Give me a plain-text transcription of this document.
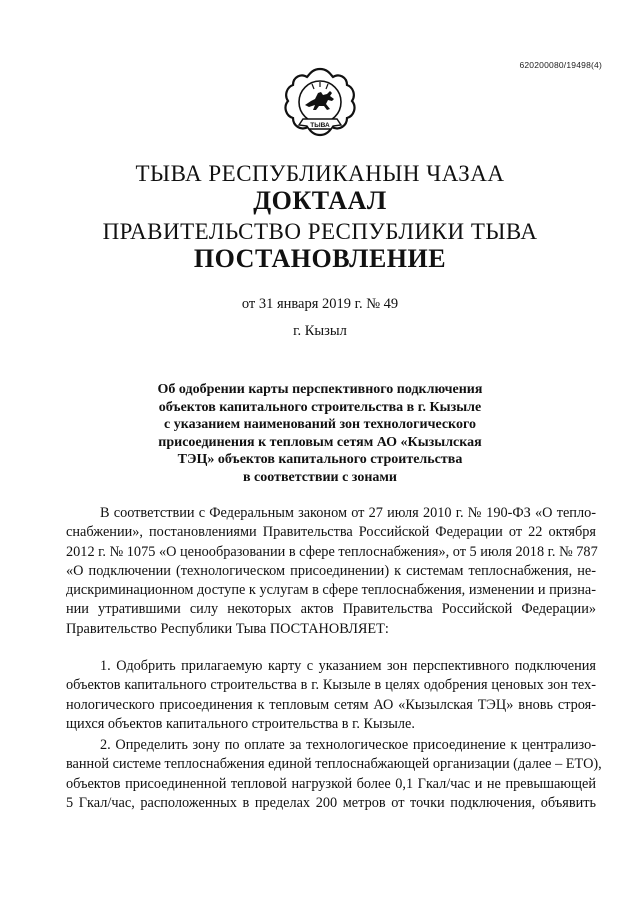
620200080/19498(4)
ТЫВА
ТЫВА РЕСПУБЛИКАНЫН ЧАЗАА
ДОКТААЛ
ПРАВИТЕЛЬСТВО РЕСПУБЛИКИ ТЫВА
ПОСТАНОВЛЕНИЕ
от 31 января 2019 г. № 49
г. Кызыл
Об одобрении карты перспективного подключения
объектов капитального строительства в г. Кызыле
с указанием наименований зон технологического
присоединения к тепловым сетям АО «Кызылская
ТЭЦ» объектов капитального строительства
в соответствии с зонами
В соответствии с Федеральным законом от 27 июля 2010 г. № 190-ФЗ «О тепло-
снабжении», постановлениями Правительства Российской Федерации от 22 октября
2012 г. № 1075 «О ценообразовании в сфере теплоснабжения», от 5 июля 2018 г. № 787
«О подключении (технологическом присоединении) к системам теплоснабжения, не-
дискриминационном доступе к услугам в сфере теплоснабжения, изменении и призна-
нии утратившими силу некоторых актов Правительства Российской Федерации»
Правительство Республики Тыва ПОСТАНОВЛЯЕТ:
1. Одобрить прилагаемую карту с указанием зон перспективного подключения
объектов капитального строительства в г. Кызыле в целях одобрения ценовых зон тех-
нологического присоединения к тепловым сетям АО «Кызылская ТЭЦ» вновь строя-
щихся объектов капитального строительства в г. Кызыле.
2. Определить зону по оплате за технологическое присоединение к централизо-
ванной системе теплоснабжения единой теплоснабжающей организации (далее – ЕТО),
объектов присоединенной тепловой нагрузкой более 0,1 Гкал/час и не превышающей
5 Гкал/час, расположенных в пределах 200 метров от точки подключения, объявить
